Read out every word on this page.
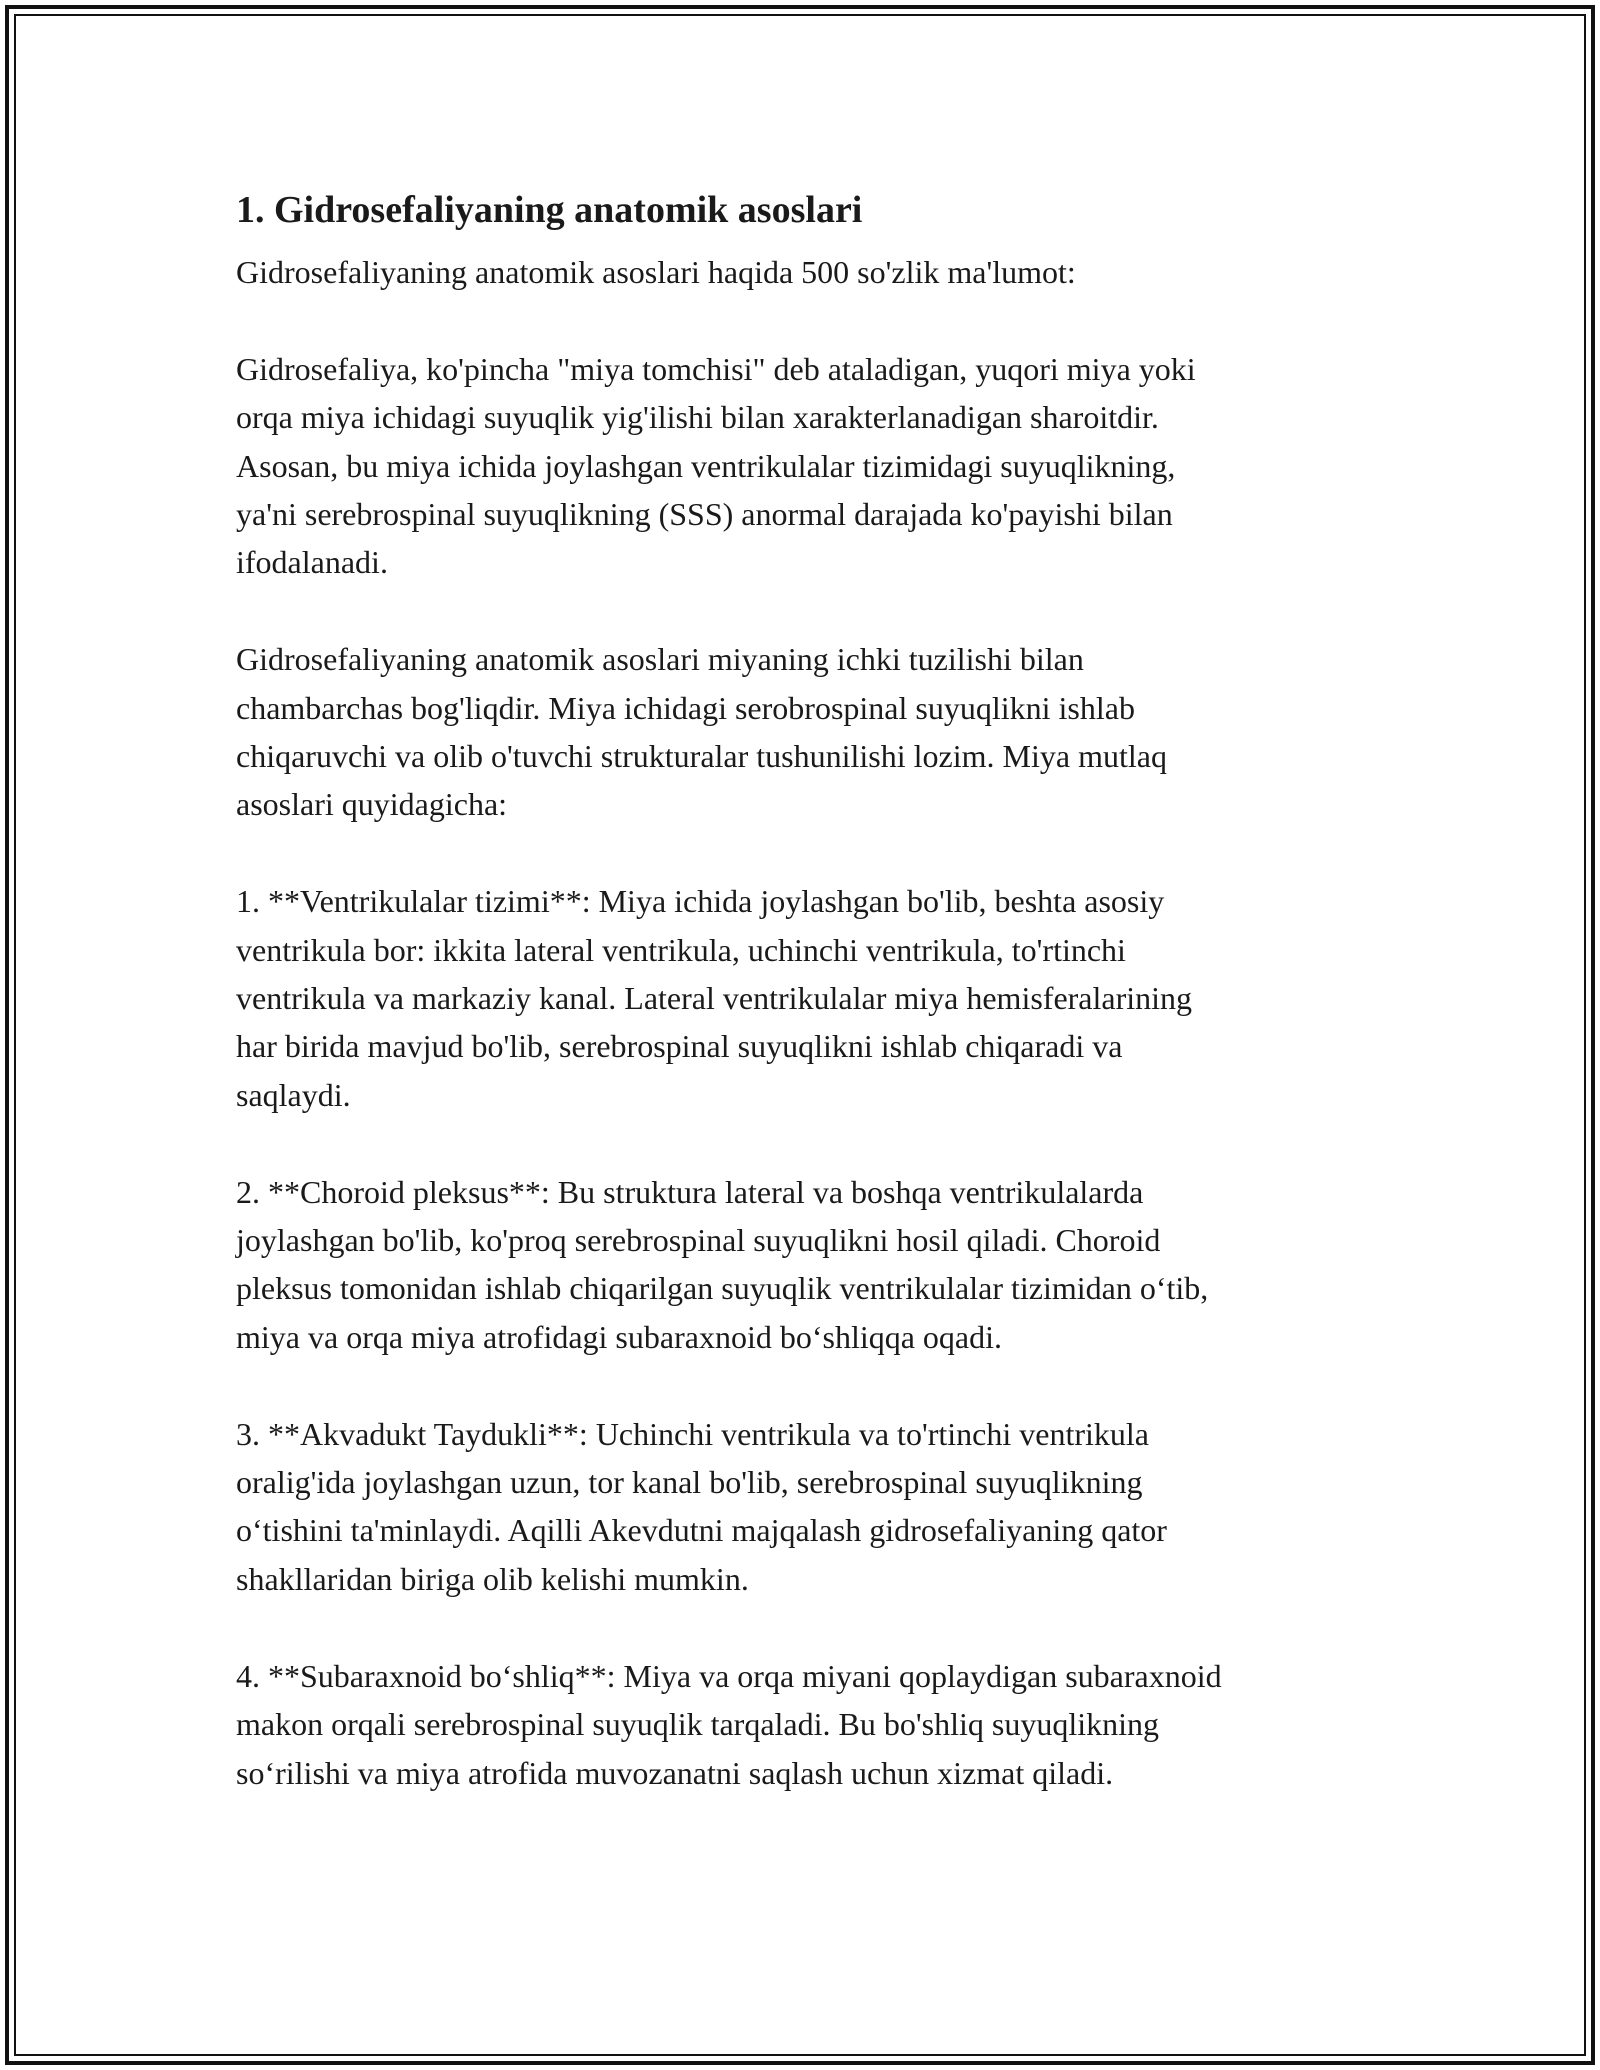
1. Gidrosefaliyaning anatomik asoslari

Gidrosefaliyaning anatomik asoslari haqida 500 so'zlik ma'lumot:

Gidrosefaliya, ko'pincha "miya tomchisi" deb ataladigan, yuqori miya yoki
orqa miya ichidagi suyuqlik yig'ilishi bilan xarakterlanadigan sharoitdir.
Asosan, bu miya ichida joylashgan ventrikulalar tizimidagi suyuqlikning,
ya'ni serebrospinal suyuqlikning (SSS) anormal darajada ko'payishi bilan
ifodalanadi.

Gidrosefaliyaning anatomik asoslari miyaning ichki tuzilishi bilan
chambarchas bog'liqdir. Miya ichidagi serobrospinal suyuqlikni ishlab
chiqaruvchi va olib o'tuvchi strukturalar tushunilishi lozim. Miya mutlaq
asoslari quyidagicha:

1. **Ventrikulalar tizimi**: Miya ichida joylashgan bo'lib, beshta asosiy
ventrikula bor: ikkita lateral ventrikula, uchinchi ventrikula, to'rtinchi
ventrikula va markaziy kanal. Lateral ventrikulalar miya hemisferalarining
har birida mavjud bo'lib, serebrospinal suyuqlikni ishlab chiqaradi va
saqlaydi.

2. **Choroid pleksus**: Bu struktura lateral va boshqa ventrikulalarda
joylashgan bo'lib, ko'proq serebrospinal suyuqlikni hosil qiladi. Choroid
pleksus tomonidan ishlab chiqarilgan suyuqlik ventrikulalar tizimidan o‘tib,
miya va orqa miya atrofidagi subaraxnoid bo‘shliqqa oqadi.

3. **Akvadukt Taydukli**: Uchinchi ventrikula va to'rtinchi ventrikula
oralig'ida joylashgan uzun, tor kanal bo'lib, serebrospinal suyuqlikning
o‘tishini ta'minlaydi. Aqilli Akevdutni majqalash gidrosefaliyaning qator
shakllaridan biriga olib kelishi mumkin.

4. **Subaraxnoid bo‘shliq**: Miya va orqa miyani qoplaydigan subaraxnoid
makon orqali serebrospinal suyuqlik tarqaladi. Bu bo'shliq suyuqlikning
so‘rilishi va miya atrofida muvozanatni saqlash uchun xizmat qiladi.
